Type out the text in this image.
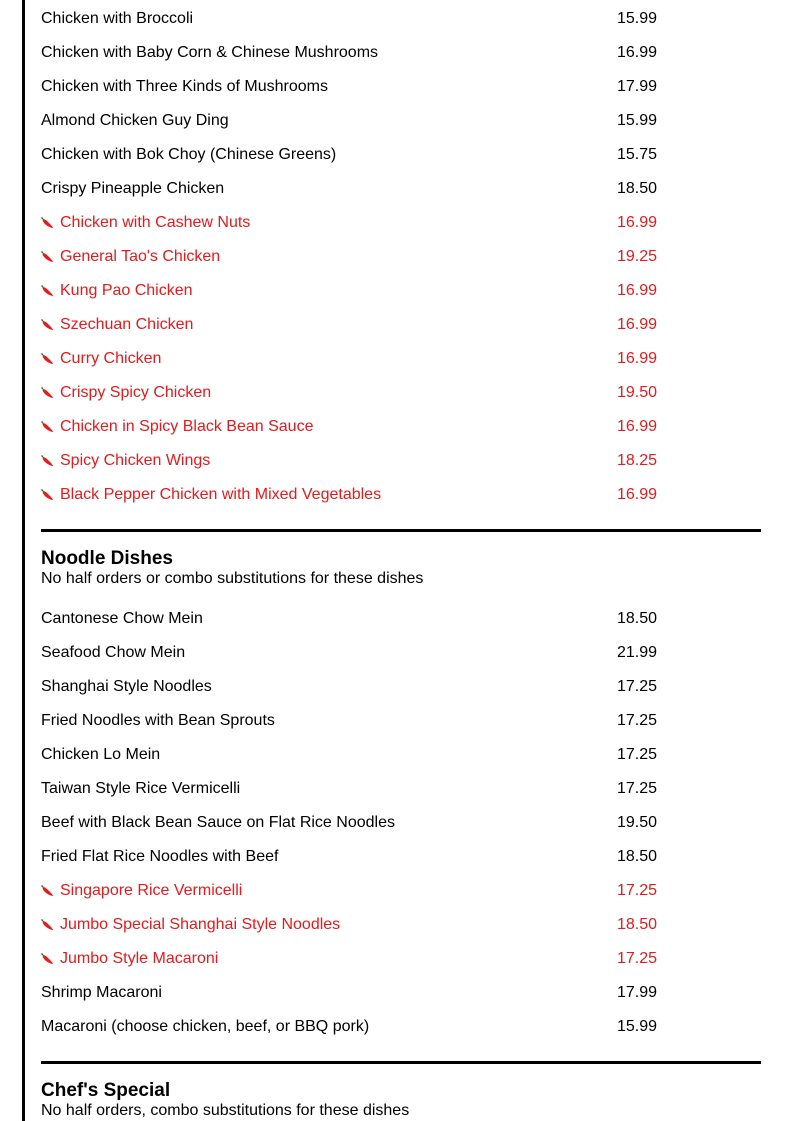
Chicken with Broccoli	15.99
Chicken with Baby Corn & Chinese Mushrooms	16.99
Chicken with Three Kinds of Mushrooms	17.99
Almond Chicken Guy Ding	15.99
Chicken with Bok Choy (Chinese Greens)	15.75
Crispy Pineapple Chicken	18.50
Chicken with Cashew Nuts	16.99
General Tao's Chicken	19.25
Kung Pao Chicken	16.99
Szechuan Chicken	16.99
Curry Chicken	16.99
Crispy Spicy Chicken	19.50
Chicken in Spicy Black Bean Sauce	16.99
Spicy Chicken Wings	18.25
Black Pepper Chicken with Mixed Vegetables	16.99
Noodle Dishes
No half orders or combo substitutions for these dishes
Cantonese Chow Mein	18.50
Seafood Chow Mein	21.99
Shanghai Style Noodles	17.25
Fried Noodles with Bean Sprouts	17.25
Chicken Lo Mein	17.25
Taiwan Style Rice Vermicelli	17.25
Beef with Black Bean Sauce on Flat Rice Noodles	19.50
Fried Flat Rice Noodles with Beef	18.50
Singapore Rice Vermicelli	17.25
Jumbo Special Shanghai Style Noodles	18.50
Jumbo Style Macaroni	17.25
Shrimp Macaroni	17.99
Macaroni (choose chicken, beef, or BBQ pork)	15.99
Chef's Special
No half orders, combo substitutions for these dishes
